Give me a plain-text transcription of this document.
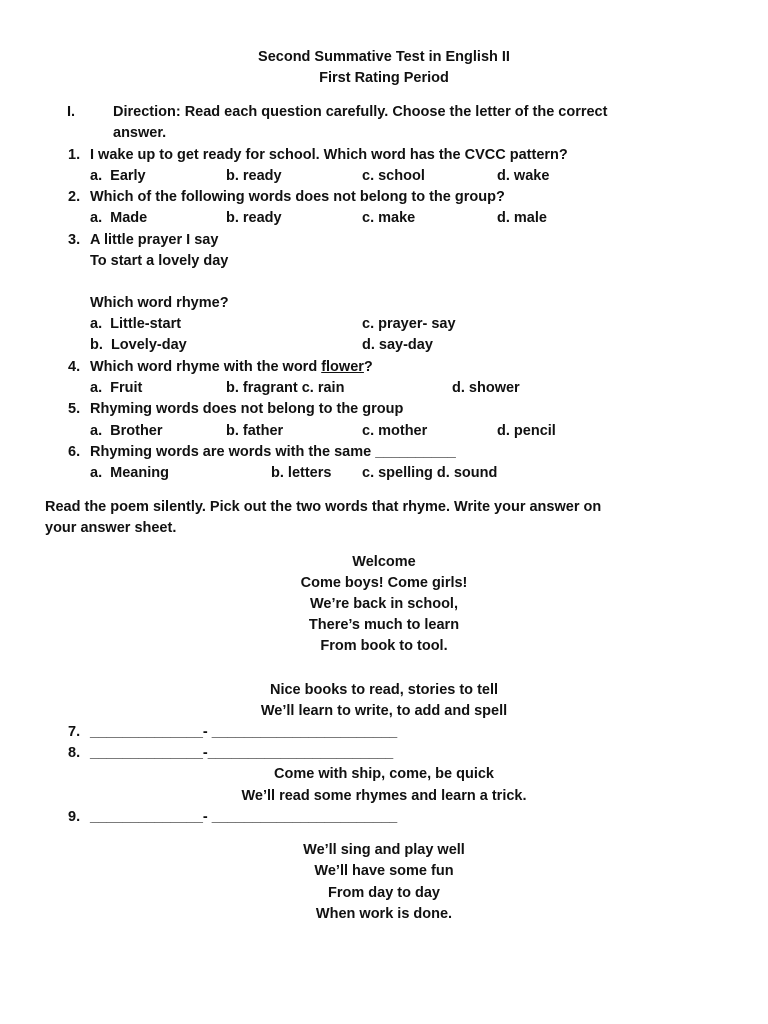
Second Summative Test in English II
First Rating Period
I.	Direction: Read each question carefully. Choose the letter of the correct
answer.
1. I wake up to get ready for school. Which word has the CVCC pattern?
a.  Early	b. ready	c. school	d. wake
2. Which of the following words does not belong to the group?
a.  Made	b. ready	c. make	d. male
3. A little prayer I say
To start a lovely day
Which word rhyme?
a.  Little-start	c. prayer- say
b.  Lovely-day	d. say-day
4. Which word rhyme with the word flower?
a.  Fruit	b. fragrant c. rain	d. shower
5. Rhyming words does not belong to the group
a.  Brother	b. father	c. mother	d. pencil
6. Rhyming words are words with the same __________
a.  Meaning	b. letters c. spelling d. sound
Read the poem silently. Pick out the two words that rhyme. Write your answer on
your answer sheet.
Welcome
Come boys! Come girls!
We’re back in school,
There’s much to learn
From book to tool.
Nice books to read, stories to tell
We’ll learn to write, to add and spell
7. ______________- _______________________
8. ______________-_______________________
Come with ship, come, be quick
We’ll read some rhymes and learn a trick.
9. ______________- _______________________
We’ll sing and play well
We’ll have some fun
From day to day
When work is done.
